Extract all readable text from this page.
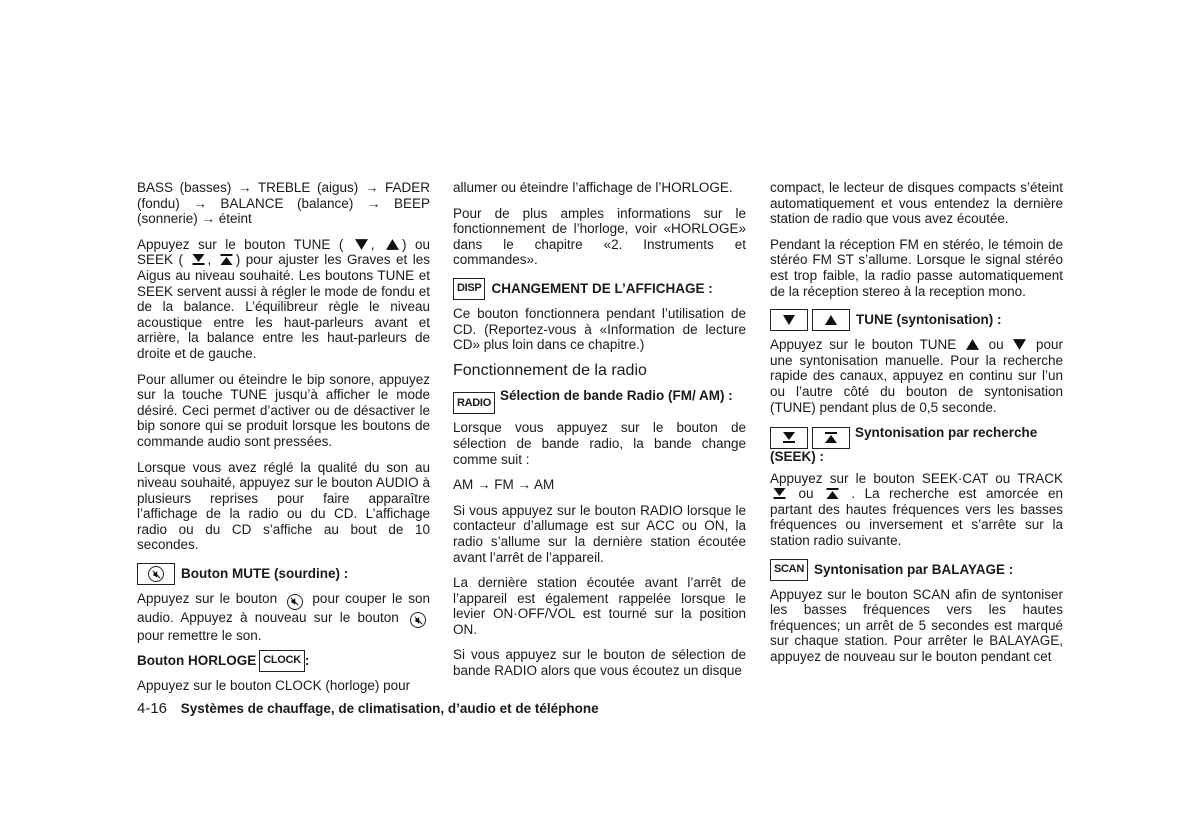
BASS (basses) → TREBLE (aigus) → FADER (fondu) → BALANCE (balance) → BEEP (sonnerie) → éteint

Appuyez sur le bouton TUNE ( , ) ou SEEK ( , ) pour ajuster les Graves et les Aigus au niveau souhaité. Les boutons TUNE et SEEK servent aussi à régler le mode de fondu et de la balance. L’équilibreur règle le niveau acoustique entre les haut-parleurs avant et arrière, la balance entre les haut-parleurs de droite et de gauche.

Pour allumer ou éteindre le bip sonore, appuyez sur la touche TUNE jusqu’à afficher le mode désiré. Ceci permet d’activer ou de désactiver le bip sonore qui se produit lorsque les boutons de commande audio sont pressées.

Lorsque vous avez réglé la qualité du son au niveau souhaité, appuyez sur le bouton AUDIO à plusieurs reprises pour faire apparaître l’affichage de la radio ou du CD. L’affichage radio ou du CD s’affiche au bout de 10 secondes.

Bouton MUTE (sourdine) :

Appuyez sur le bouton	pour couper le son audio. Appuyez à nouveau sur le bouton
pour remettre le son.

Bouton HORLOGE CLOCK :

Appuyez sur le bouton CLOCK (horloge) pour

allumer ou éteindre l’affichage de l’HORLOGE.

Pour de plus amples informations sur le fonctionnement de l’horloge, voir «HORLOGE» dans le chapitre «2. Instruments et commandes».

DISP CHANGEMENT DE L’AFFICHAGE :

Ce bouton fonctionnera pendant l’utilisation de CD. (Reportez-vous à «Information de lecture CD» plus loin dans ce chapitre.)

Fonctionnement de la radio
RADIO Sélection de bande Radio (FM/ AM) :

Lorsque vous appuyez sur le bouton de sélection de bande radio, la bande change comme suit :

AM → FM → AM

Si vous appuyez sur le bouton RADIO lorsque le contacteur d’allumage est sur ACC ou ON, la radio s’allume sur la dernière station écoutée avant l’arrêt de l’appareil.

La dernière station écoutée avant l’arrêt de l’appareil est également rappelée lorsque le levier ON·OFF/VOL est tourné sur la position ON.

Si vous appuyez sur le bouton de sélection de bande RADIO alors que vous écoutez un disque

compact, le lecteur de disques compacts s’éteint automatiquement et vous entendez la dernière station de radio que vous avez écoutée.

Pendant la réception FM en stéréo, le témoin de stéréo FM ST s’allume. Lorsque le signal stéréo est trop faible, la radio passe automatiquement de la réception stereo à la reception mono.

TUNE (syntonisation) :

Appuyez sur le bouton TUNE ou pour une syntonisation manuelle. Pour la recherche rapide des canaux, appuyez en continu sur l’un ou l’autre côté du bouton de syntonisation (TUNE) pendant plus de 0,5 seconde.

Syntonisation par recherche (SEEK) :

Appuyez sur le bouton SEEK·CAT ou TRACK  ou	. La recherche est amorcée en partant des hautes fréquences vers les basses fréquences ou inversement et s’arrête sur la station radio suivante.

SCAN Syntonisation par BALAYAGE :

Appuyez sur le bouton SCAN afin de syntoniser les basses fréquences vers les hautes fréquences; un arrêt de 5 secondes est marqué sur chaque station. Pour arrêter le BALAYAGE, appuyez de nouveau sur le bouton pendant cet

4-16 Systèmes de chauffage, de climatisation, d’audio et de téléphone
